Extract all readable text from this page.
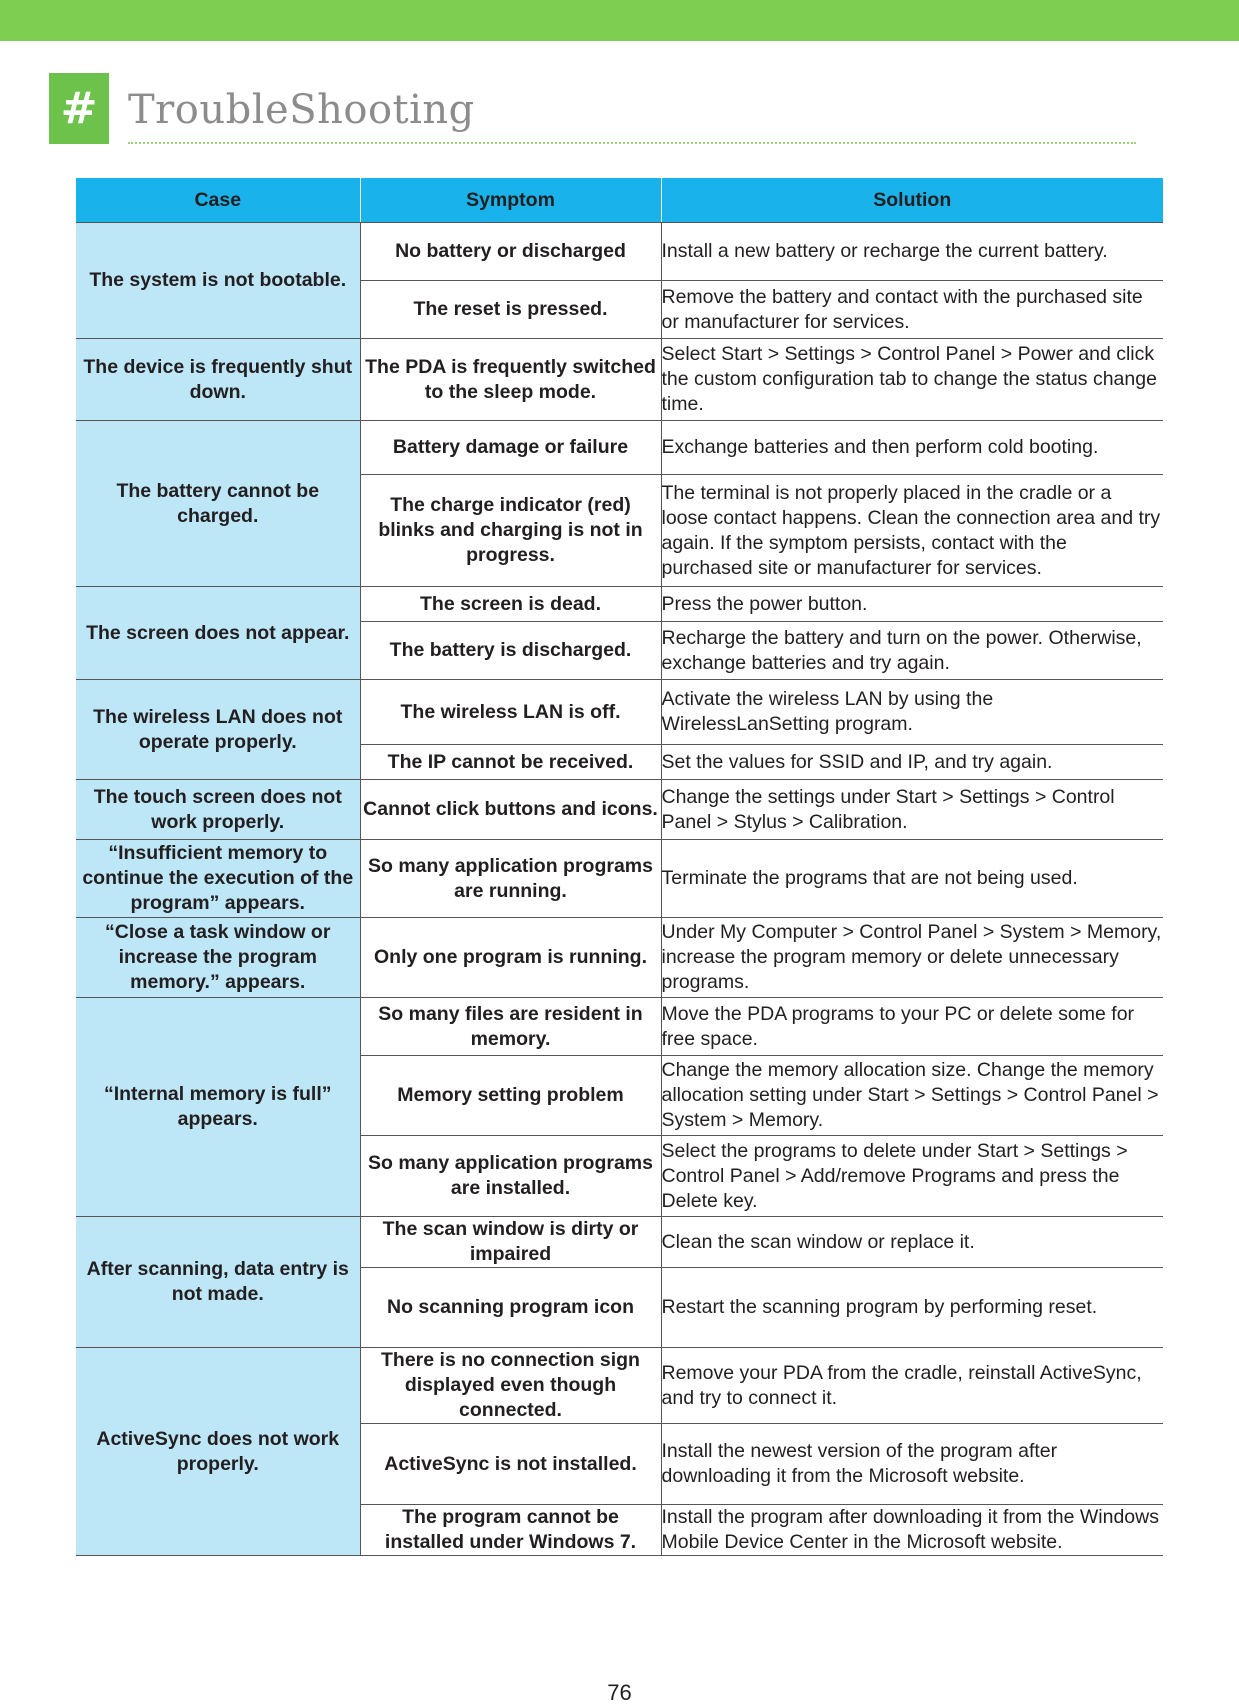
# TroubleShooting
Case	Symptom	Solution
The system is not bootable.	No battery or discharged	Install a new battery or recharge the current battery.
	The reset is pressed.	Remove the battery and contact with the purchased site or manufacturer for services.
The device is frequently shut down.	The PDA is frequently switched to the sleep mode.	Select Start > Settings > Control Panel > Power and click the custom configuration tab to change the status change time.
The battery cannot be charged.	Battery damage or failure	Exchange batteries and then perform cold booting.
	The charge indicator (red) blinks and charging is not in progress.	The terminal is not properly placed in the cradle or a loose contact happens. Clean the connection area and try again. If the symptom persists, contact with the purchased site or manufacturer for services.
The screen does not appear.	The screen is dead.	Press the power button.
	The battery is discharged.	Recharge the battery and turn on the power. Otherwise, exchange batteries and try again.
The wireless LAN does not operate properly.	The wireless LAN is off.	Activate the wireless LAN by using the WirelessLanSetting program.
	The IP cannot be received.	Set the values for SSID and IP, and try again.
The touch screen does not work properly.	Cannot click buttons and icons.	Change the settings under Start > Settings > Control Panel > Stylus > Calibration.
“Insufficient memory to continue the execution of the program” appears.	So many application programs are running.	Terminate the programs that are not being used.
“Close a task window or increase the program memory.” appears.	Only one program is running.	Under My Computer > Control Panel > System > Memory, increase the program memory or delete unnecessary programs.
“Internal memory is full” appears.	So many files are resident in memory.	Move the PDA programs to your PC or delete some for free space.
	Memory setting problem	Change the memory allocation size. Change the memory allocation setting under Start > Settings > Control Panel > System > Memory.
	So many application programs are installed.	Select the programs to delete under Start > Settings > Control Panel > Add/remove Programs and press the Delete key.
After scanning, data entry is not made.	The scan window is dirty or impaired	Clean the scan window or replace it.
	No scanning program icon	Restart the scanning program by performing reset.
ActiveSync does not work properly.	There is no connection sign displayed even though connected.	Remove your PDA from the cradle, reinstall ActiveSync, and try to connect it.
	ActiveSync is not installed.	Install the newest version of the program after downloading it from the Microsoft website.
	The program cannot be installed under Windows 7.	Install the program after downloading it from the Windows Mobile Device Center in the Microsoft website.
76
